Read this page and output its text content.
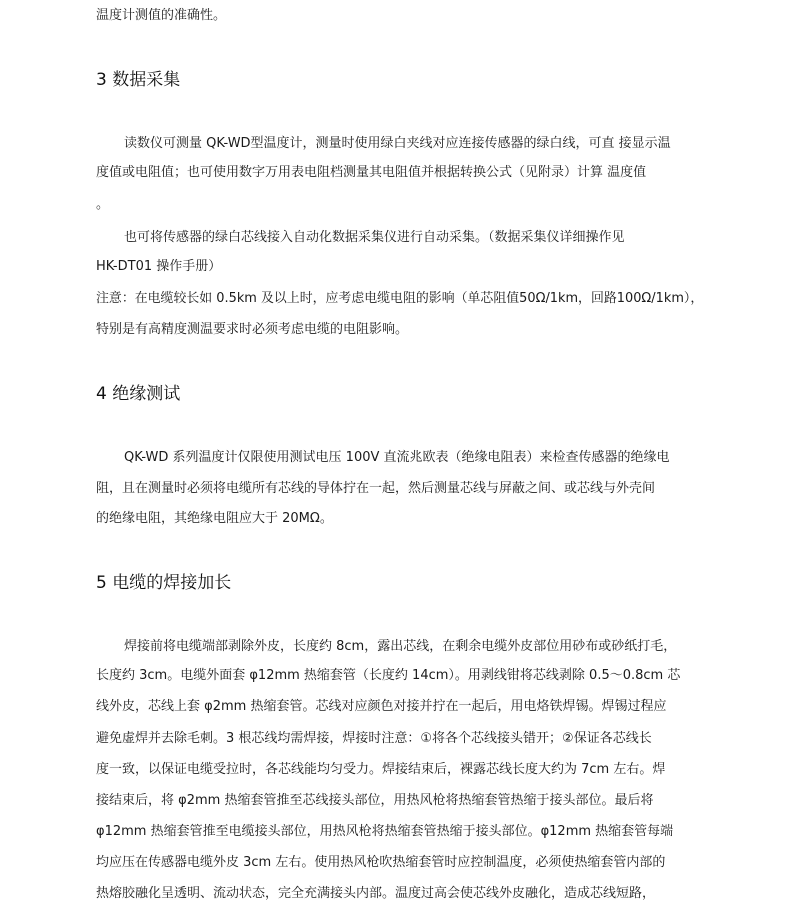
温度计测值的准确性。
3 数据采集
读数仪可测量 QK-WD型温度计，测量时使用绿白夹线对应连接传感器的绿白线，可直 接显示温
度值或电阻值；也可使用数字万用表电阻档测量其电阻值并根据转换公式（见附录）计算 温度值
。
也可将传感器的绿白芯线接入自动化数据采集仪进行自动采集。（数据采集仪详细操作见
HK-DT01 操作手册）
注意：在电缆较长如 0.5km 及以上时，应考虑电缆电阻的影响（单芯阻值50Ω/1km，回路100Ω/1km），
特别是有高精度测温要求时必须考虑电缆的电阻影响。
4 绝缘测试
QK-WD 系列温度计仅限使用测试电压 100V 直流兆欧表（绝缘电阻表）来检查传感器的绝缘电
阻，且在测量时必须将电缆所有芯线的导体拧在一起，然后测量芯线与屏蔽之间、或芯线与外壳间
的绝缘电阻，其绝缘电阻应大于 20MΩ。
5 电缆的焊接加长
焊接前将电缆端部剥除外皮，长度约 8cm，露出芯线，在剩余电缆外皮部位用砂布或砂纸打毛，
长度约 3cm。电缆外面套 φ12mm 热缩套管（长度约 14cm）。用剥线钳将芯线剥除 0.5～0.8cm 芯
线外皮，芯线上套 φ2mm 热缩套管。芯线对应颜色对接并拧在一起后，用电烙铁焊锡。焊锡过程应
避免虚焊并去除毛刺。3 根芯线均需焊接，焊接时注意：①将各个芯线接头错开；②保证各芯线长
度一致，以保证电缆受拉时，各芯线能均匀受力。焊接结束后，裸露芯线长度大约为 7cm 左右。焊
接结束后，将 φ2mm 热缩套管推至芯线接头部位，用热风枪将热缩套管热缩于接头部位。最后将
φ12mm 热缩套管推至电缆接头部位，用热风枪将热缩套管热缩于接头部位。φ12mm 热缩套管每端
均应压在传感器电缆外皮 3cm 左右。使用热风枪吹热缩套管时应控制温度，必须使热缩套管内部的
热熔胶融化呈透明、流动状态，完全充满接头内部。温度过高会使芯线外皮融化，造成芯线短路，
